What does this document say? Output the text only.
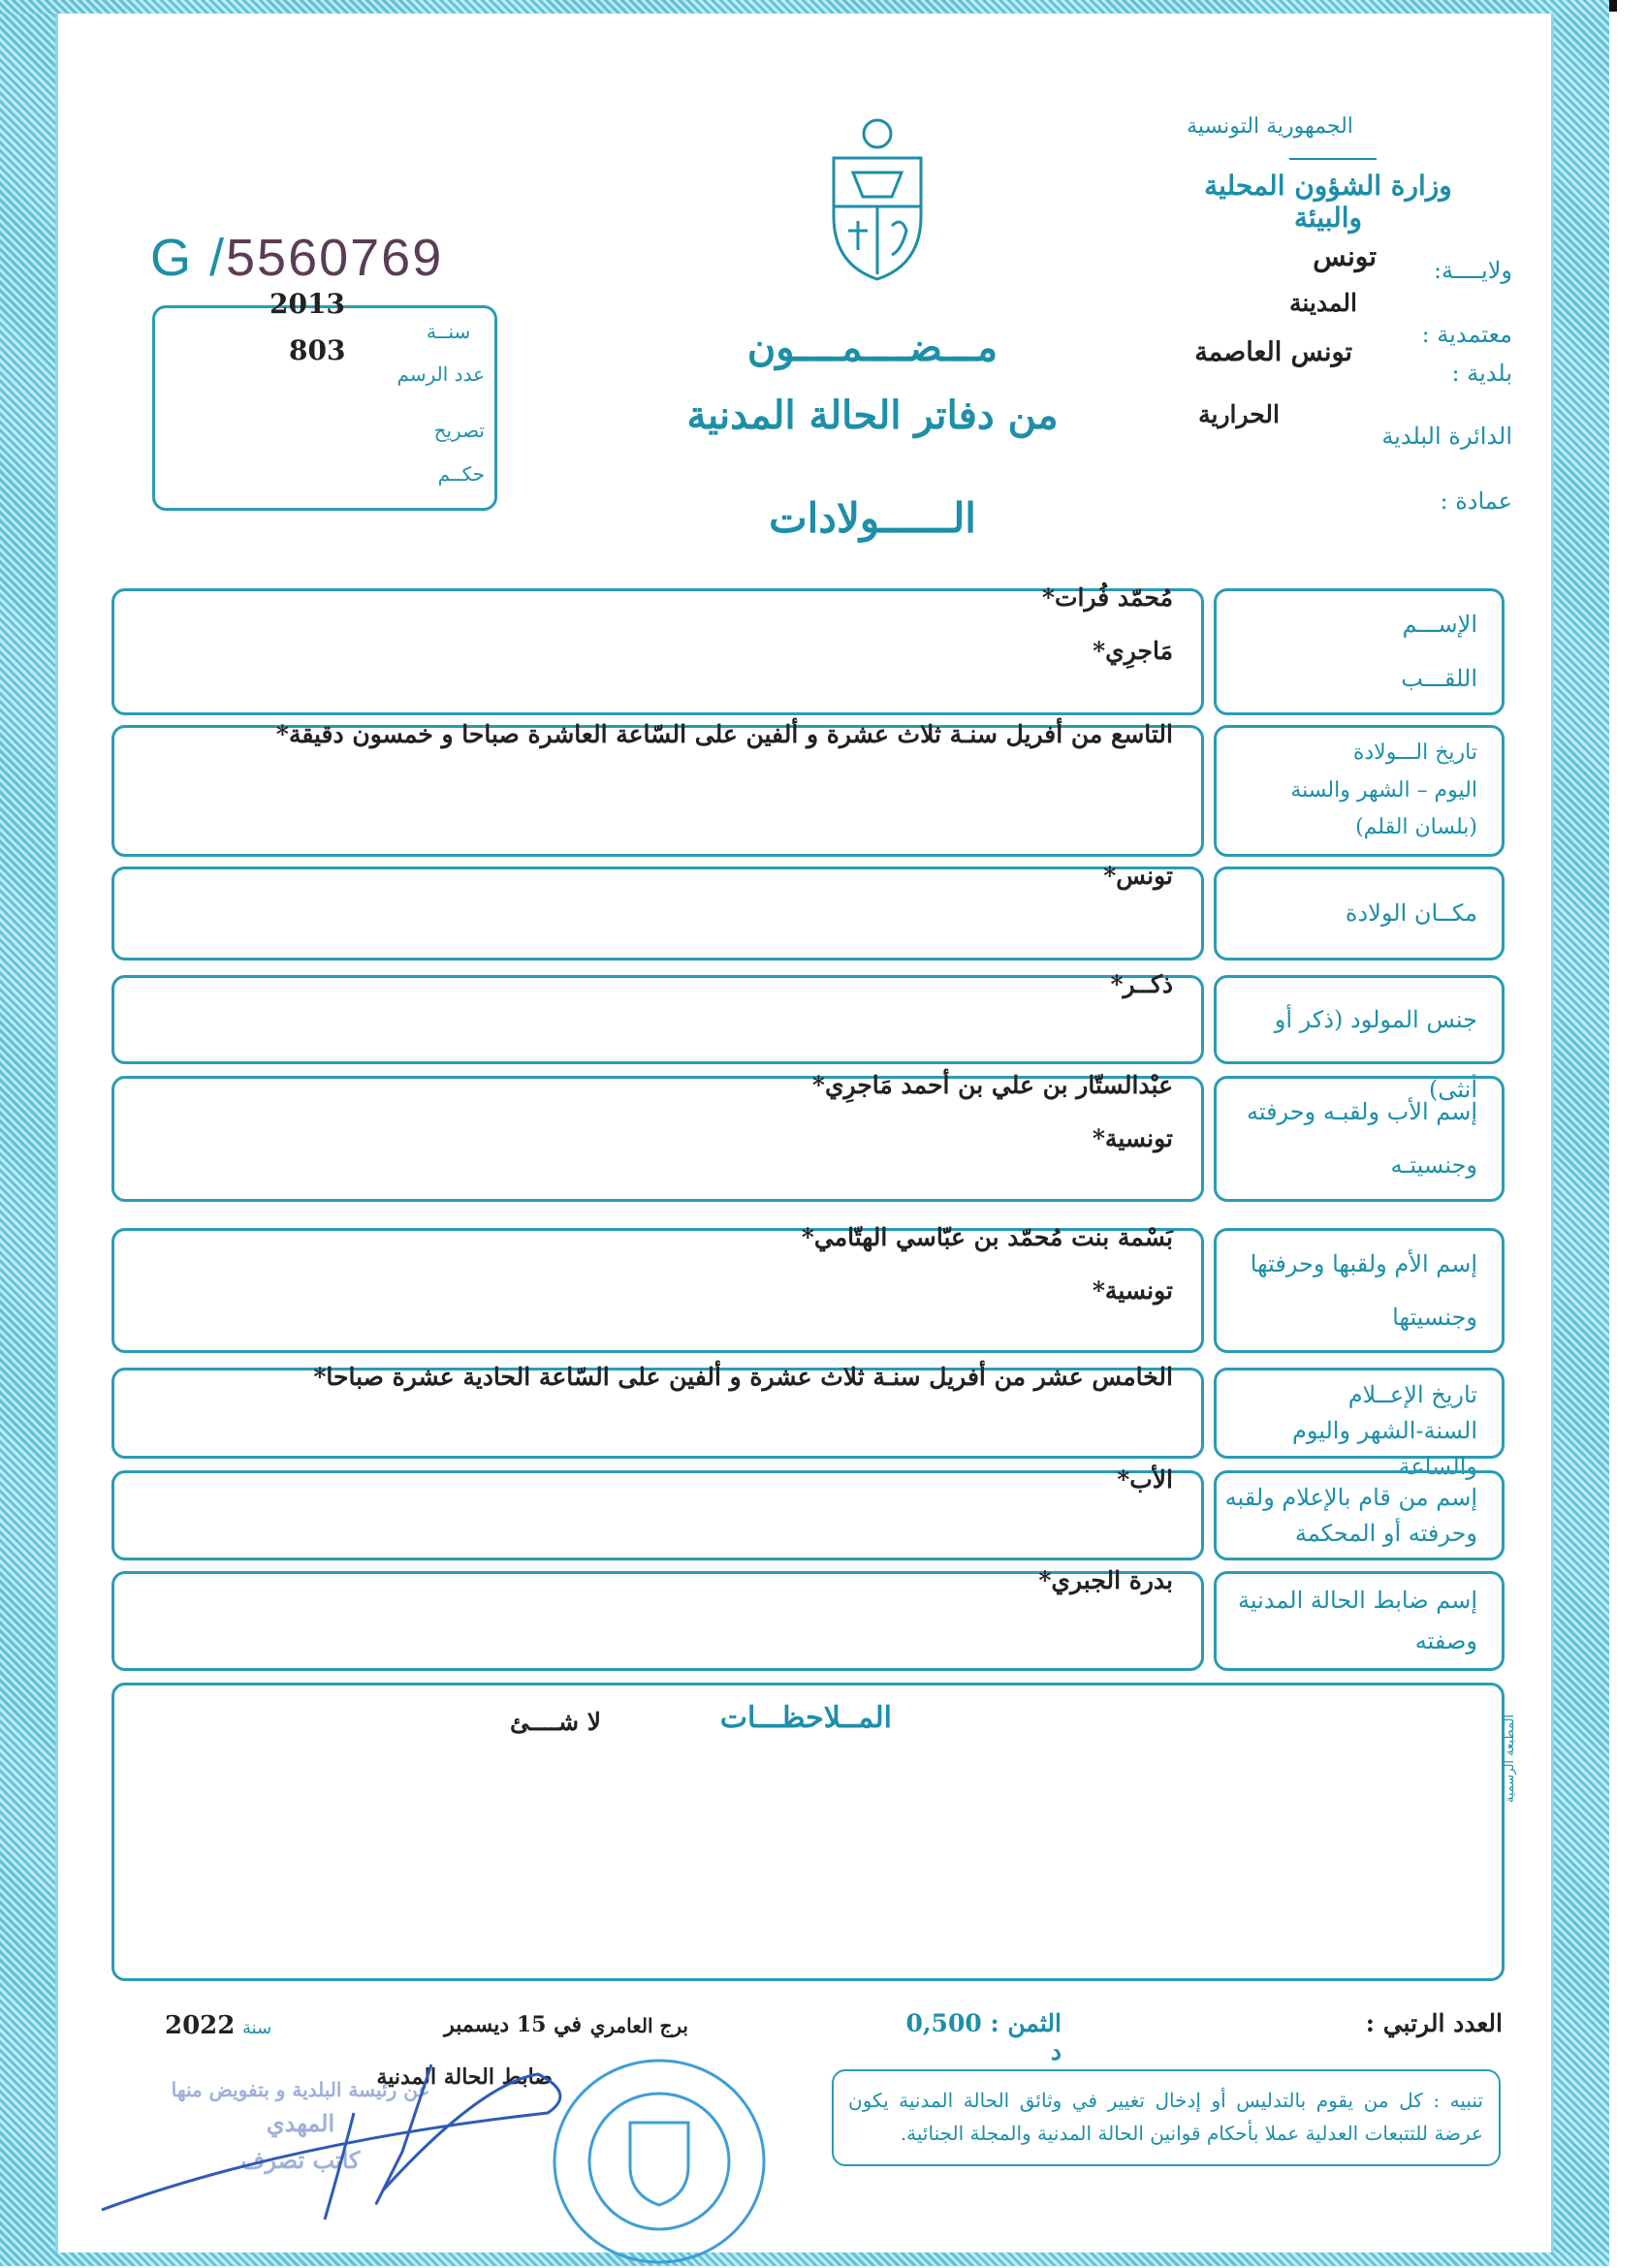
الجمهورية التونسية
وزارة الشؤون المحلية
والبيئة
ولايــــة:
تونس
معتمدية :
المدينة
بلدية :
تونس العاصمة
الدائرة البلدية
الحرارية
عمادة :
G /5560769
2013
سنــة
803
عدد الرسم
تصريح
حكــم
مـــضــــمــــون
من دفاتر الحالة المدنية
الــــــولادات
الإســـم
اللقـــب
مُحمّد فُرات*
مَاجرِي*
تاريخ الـــولادة
اليوم – الشهر والسنة
(بلسان القلم)
التاسع من أفريل سنـة ثلاث عشرة و ألفين على السّاعة العاشرة صباحا و خمسون دقيقة*
مكــان الولادة
تونس*
جنس المولود (ذكر أو أنثى)
ذكــر*
إسم الأب ولقبـه وحرفته
وجنسيتـه
عبْدالستّار بن علي بن أحمد مَاجرِي*
تونسية*
إسم الأم ولقبها وحرفتها
وجنسيتها
بَسْمة بنت مُحمّد بن عبّاسي الهتّامي*
تونسية*
تاريخ الإعــلام
السنة-الشهر واليوم والساعة
الخامس عشر من أفريل سنـة ثلاث عشرة و ألفين على السّاعة الحادية عشرة صباحا*
إسم من قام بالإعلام ولقبه
وحرفته أو المحكمة
الأب*
إسم ضابط الحالة المدنية
وصفته
بدرة الجبري*
المــلاحظـــات
لا شــــئ	المطبعة الرسمية
العدد الرتبي :
الثمن : 0,500 د
برج العامري
في 15 ديسمبر
سنة
2022
ضابط الحالة المدنية
عن رئيسة البلدية و بتفويض منها
المهدي
كاتب تصرف
تنبيه : كل من يقوم بالتدليس أو إدخال تغيير في وثائق الحالة المدنية يكون عرضة للتتبعات العدلية عملا بأحكام قوانين الحالة المدنية والمجلة الجنائية.
